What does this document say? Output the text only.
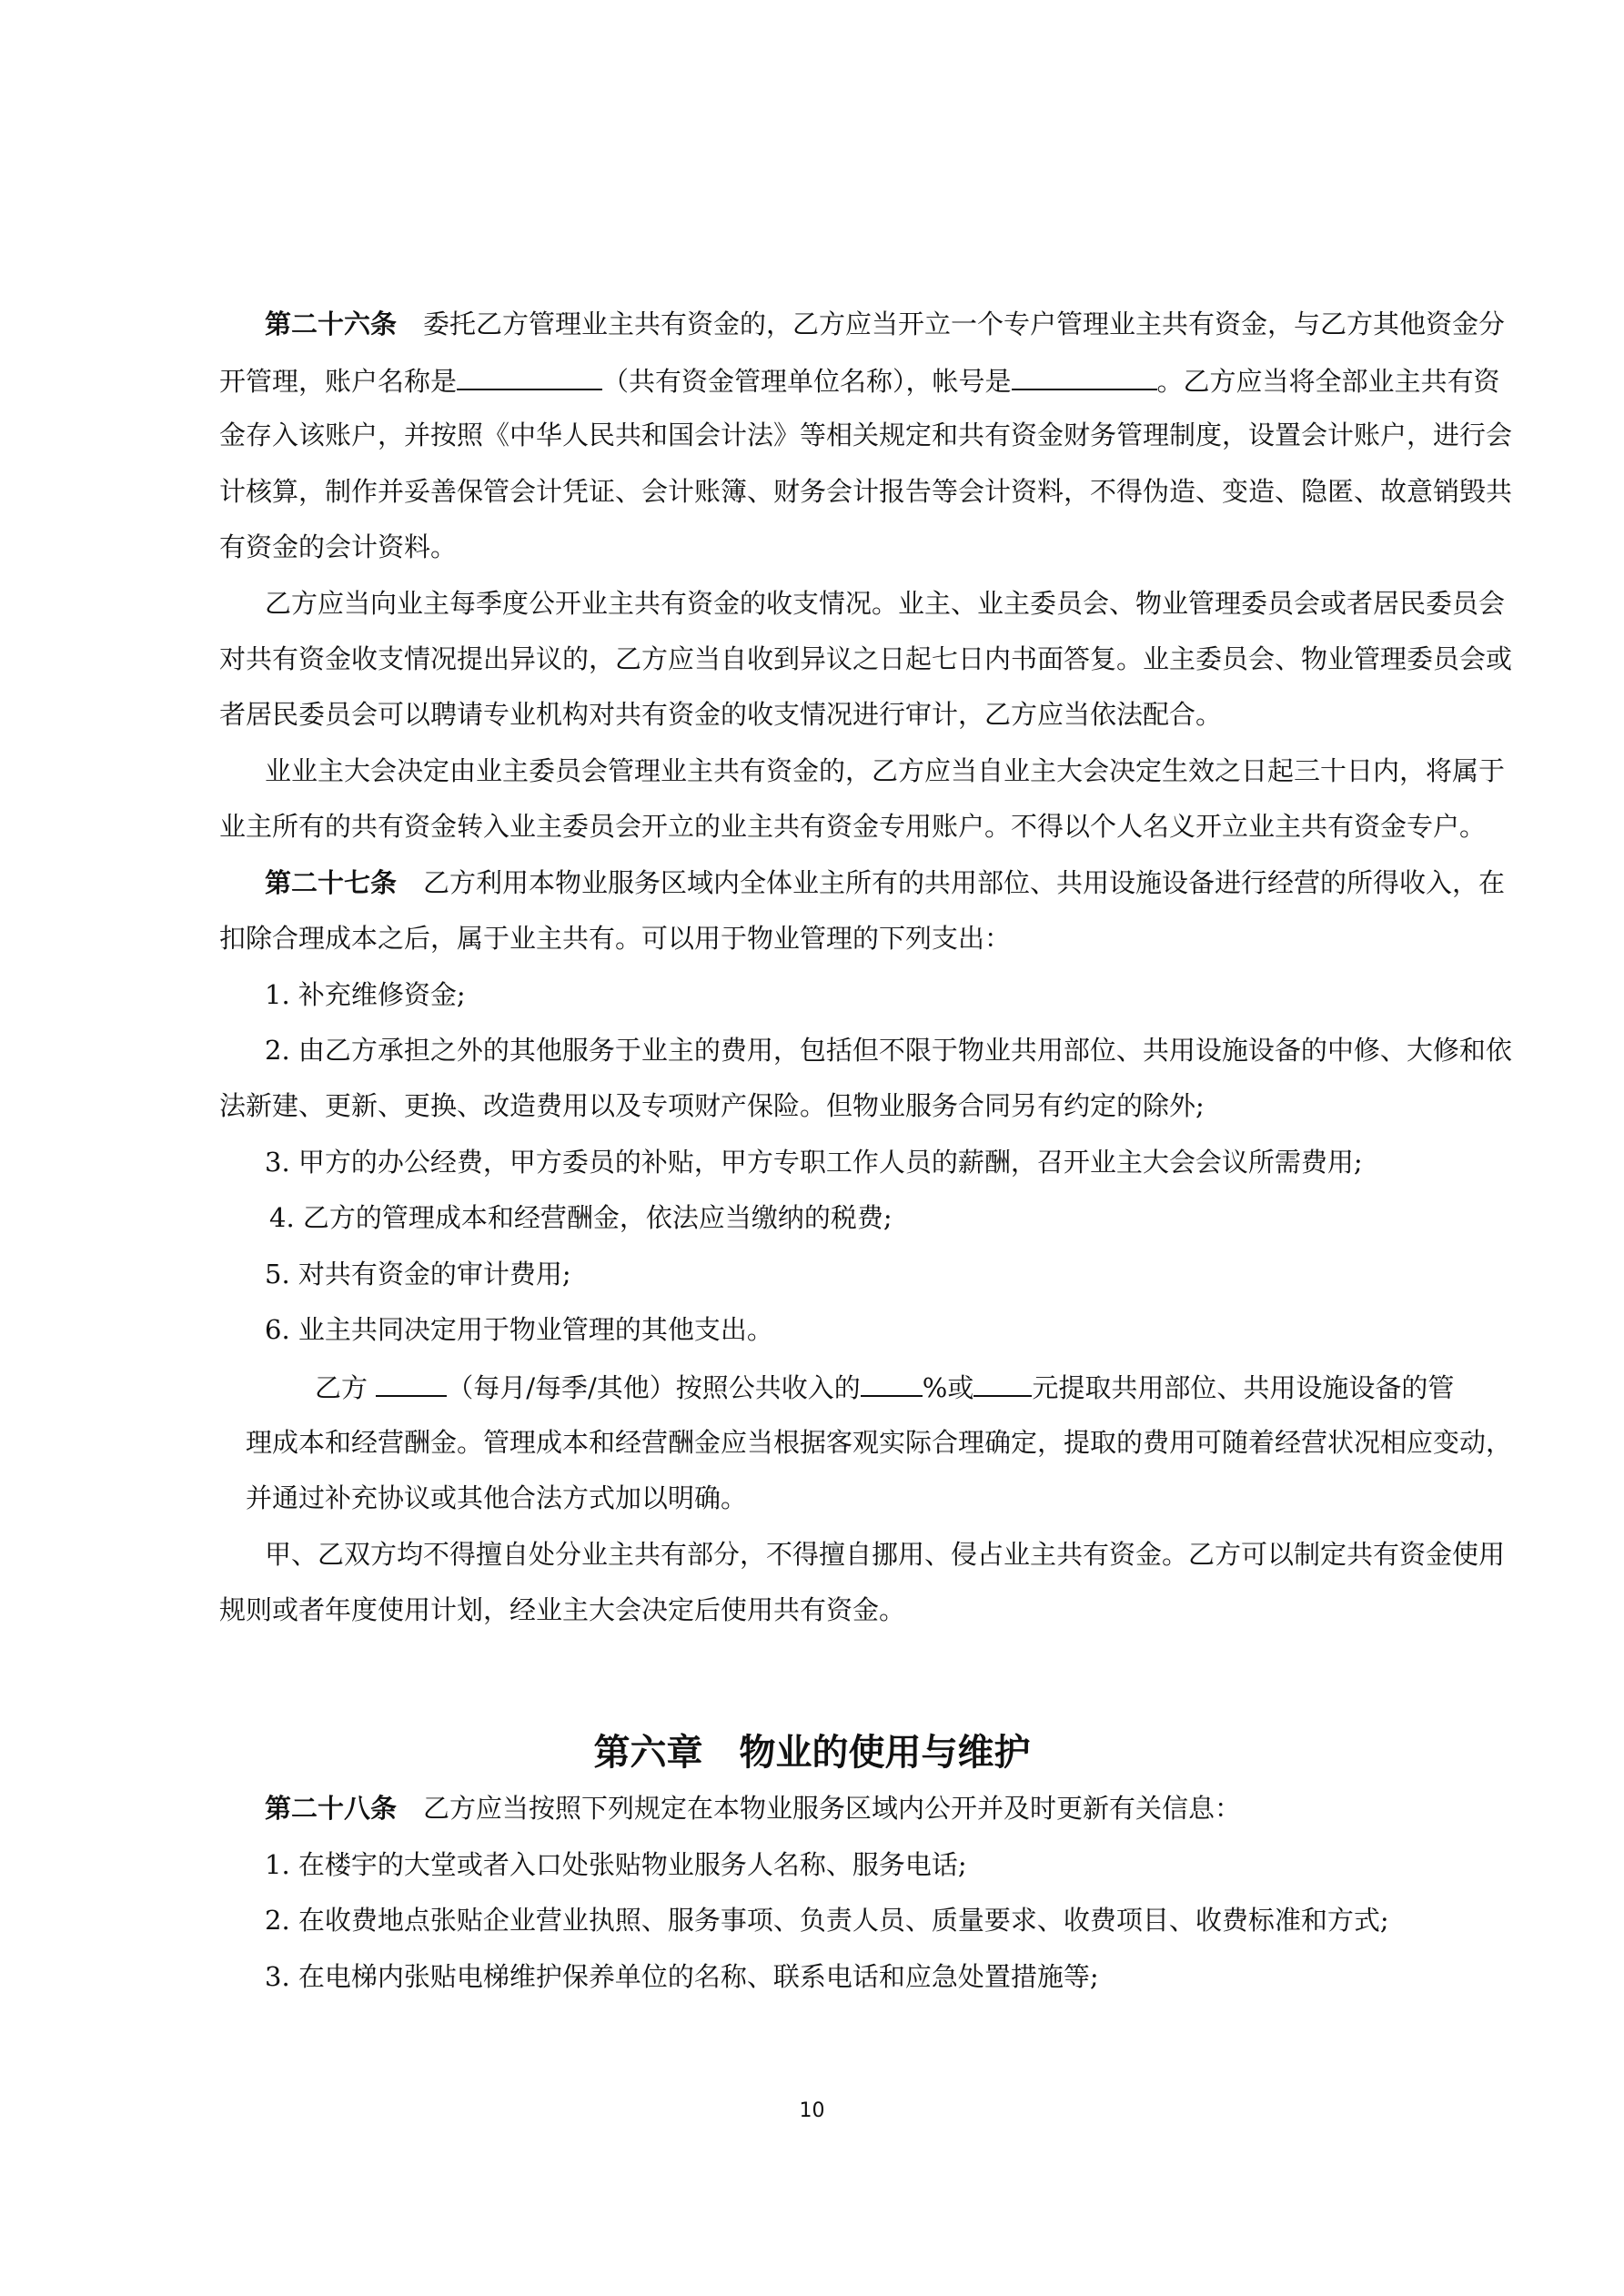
第二十六条　 委托乙方管理业主共有资金的，乙方应当开立一个专户管理业主共有资金，与乙方其他资金分
开管理，账户名称是	（共有资金管理单位名称），帐号是	。乙方应当将全部业主共有资
金存入该账户，并按照《中华人民共和国会计法》等相关规定和共有资金财务管理制度，设置会计账户，进行会
计核算，制作并妥善保管会计凭证、会计账簿、财务会计报告等会计资料，不得伪造、变造、隐匿、故意销毁共
有资金的会计资料。
乙方应当向业主每季度公开业主共有资金的收支情况。业主、业主委员会、物业管理委员会或者居民委员会
对共有资金收支情况提出异议的，乙方应当自收到异议之日起七日内书面答复。业主委员会、物业管理委员会或
者居民委员会可以聘请专业机构对共有资金的收支情况进行审计，乙方应当依法配合。
业业主大会决定由业主委员会管理业主共有资金的，乙方应当自业主大会决定生效之日起三十日内，将属于
业主所有的共有资金转入业主委员会开立的业主共有资金专用账户。不得以个人名义开立业主共有资金专户。
第二十七条　 乙方利用本物业服务区域内全体业主所有的共用部位、共用设施设备进行经营的所得收入，在
扣除合理成本之后，属于业主共有。可以用于物业管理的下列支出：
1. 补充维修资金;
2. 由乙方承担之外的其他服务于业主的费用，包括但不限于物业共用部位、共用设施设备的中修、大修和依
法新建、更新、更换、改造费用以及专项财产保险。但物业服务合同另有约定的除外;
3. 甲方的办公经费，甲方委员的补贴，甲方专职工作人员的薪酬，召开业主大会会议所需费用;
4. 乙方的管理成本和经营酬金，依法应当缴纳的税费;
5. 对共有资金的审计费用;
6. 业主共同决定用于物业管理的其他支出。
乙方	（每月/每季/其他）按照公共收入的 %或 元提取共用部位、共用设施设备的管
理成本和经营酬金。管理成本和经营酬金应当根据客观实际合理确定，提取的费用可随着经营状况相应变动，
并通过补充协议或其他合法方式加以明确。
甲、乙双方均不得擅自处分业主共有部分，不得擅自挪用、侵占业主共有资金。乙方可以制定共有资金使用
规则或者年度使用计划，经业主大会决定后使用共有资金。
第六章　物业的使用与维护
第二十八条　 乙方应当按照下列规定在本物业服务区域内公开并及时更新有关信息：
1. 在楼宇的大堂或者入口处张贴物业服务人名称、服务电话;
2. 在收费地点张贴企业营业执照、服务事项、负责人员、质量要求、收费项目、收费标准和方式;
3. 在电梯内张贴电梯维护保养单位的名称、联系电话和应急处置措施等;
10
